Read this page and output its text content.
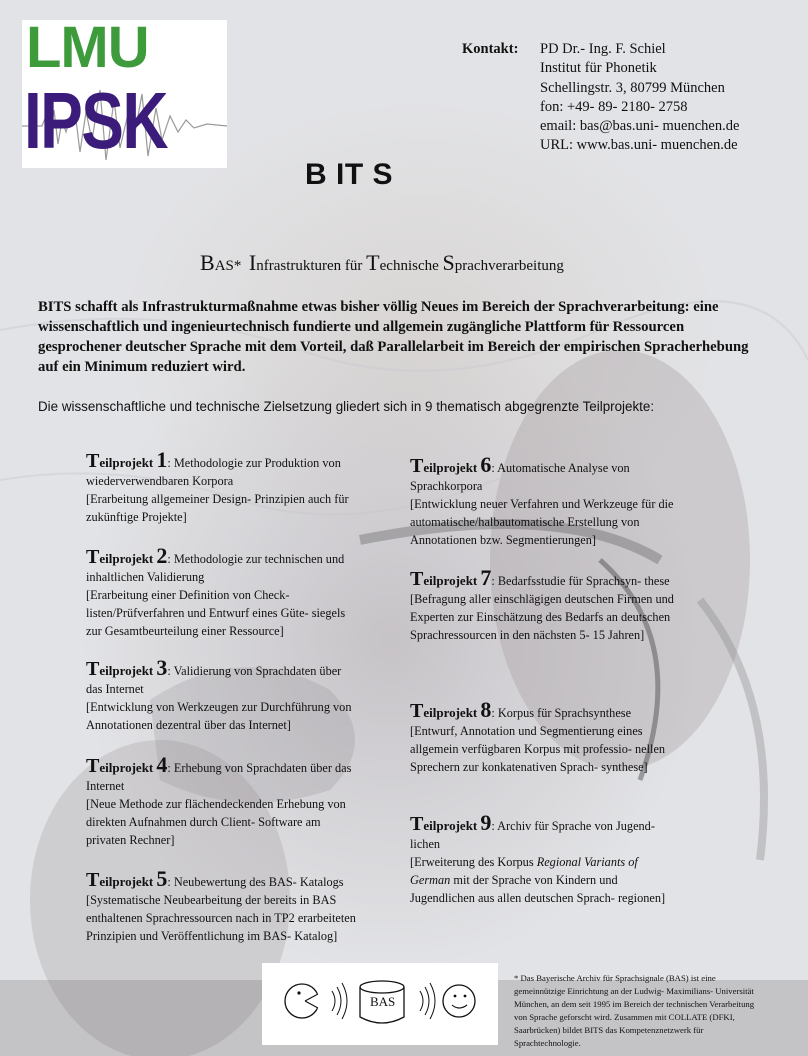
LMU
IPSK
Kontakt: PD Dr.- Ing. F. Schiel
Institut für Phonetik
Schellingstr. 3, 80799 München
fon: +49- 89- 2180- 2758
email: bas@bas.uni- muenchen.de
URL: www.bas.uni- muenchen.de
B IT S
BAS* Infrastrukturen für Technische Sprachverarbeitung
BITS schafft als Infrastrukturmaßnahme etwas bisher völlig Neues im Bereich der Sprachverarbeitung: eine wissenschaftlich und ingenieurtechnisch fundierte und allgemein zugängliche Plattform für Ressourcen gesprochener deutscher Sprache mit dem Vorteil, daß Parallelarbeit im Bereich der empirischen Spracherhebung auf ein Minimum reduziert wird.
Die wissenschaftliche und technische Zielsetzung gliedert sich in 9 thematisch abgegrenzte Teilprojekte:
Teilprojekt 1: Methodologie zur Produktion von wiederverwendbaren Korpora
[Erarbeitung allgemeiner Design- Prinzipien auch für zukünftige Projekte]
Teilprojekt 2: Methodologie zur technischen und inhaltlichen Validierung
[Erarbeitung einer Definition von Check- listen/Prüfverfahren und Entwurf eines Güte- siegels zur Gesamtbeurteilung einer Ressource]
Teilprojekt 3: Validierung von Sprachdaten über das Internet
[Entwicklung von Werkzeugen zur Durchführung von Annotationen dezentral über das Internet]
Teilprojekt 4: Erhebung von Sprachdaten über das Internet
[Neue Methode zur flächendeckenden Erhebung von direkten Aufnahmen durch Client- Software am privaten Rechner]
Teilprojekt 5: Neubewertung des BAS- Katalogs
[Systematische Neubearbeitung der bereits in BAS enthaltenen Sprachressourcen nach in TP2 erarbeiteten Prinzipien und Veröffentlichung im BAS- Katalog]
Teilprojekt 6: Automatische Analyse von Sprachkorpora
[Entwicklung neuer Verfahren und Werkzeuge für die automatische/halbautomatische Erstellung von Annotationen bzw. Segmentierungen]
Teilprojekt 7: Bedarfsstudie für Sprachsyn- these
[Befragung aller einschlägigen deutschen Firmen und Experten zur Einschätzung des Bedarfs an deutschen Sprachressourcen in den nächsten 5- 15 Jahren]
Teilprojekt 8: Korpus für Sprachsynthese
[Entwurf, Annotation und Segmentierung eines allgemein verfügbaren Korpus mit professio- nellen Sprechern zur konkatenativen Sprach- synthese]
Teilprojekt 9: Archiv für Sprache von Jugend- lichen
[Erweiterung des Korpus Regional Variants of German mit der Sprache von Kindern und Jugendlichen aus allen deutschen Sprach- regionen]
BAS
* Das Bayerische Archiv für Sprachsignale (BAS) ist eine gemeinnützige Einrichtung an der Ludwig- Maximilians- Universität München, an dem seit 1995 im Bereich der technischen Verarbeitung von Sprache geforscht wird. Zusammen mit COLLATE (DFKI, Saarbrücken) bildet BITS das Kompetenznetzwerk für Sprachtechnologie.
